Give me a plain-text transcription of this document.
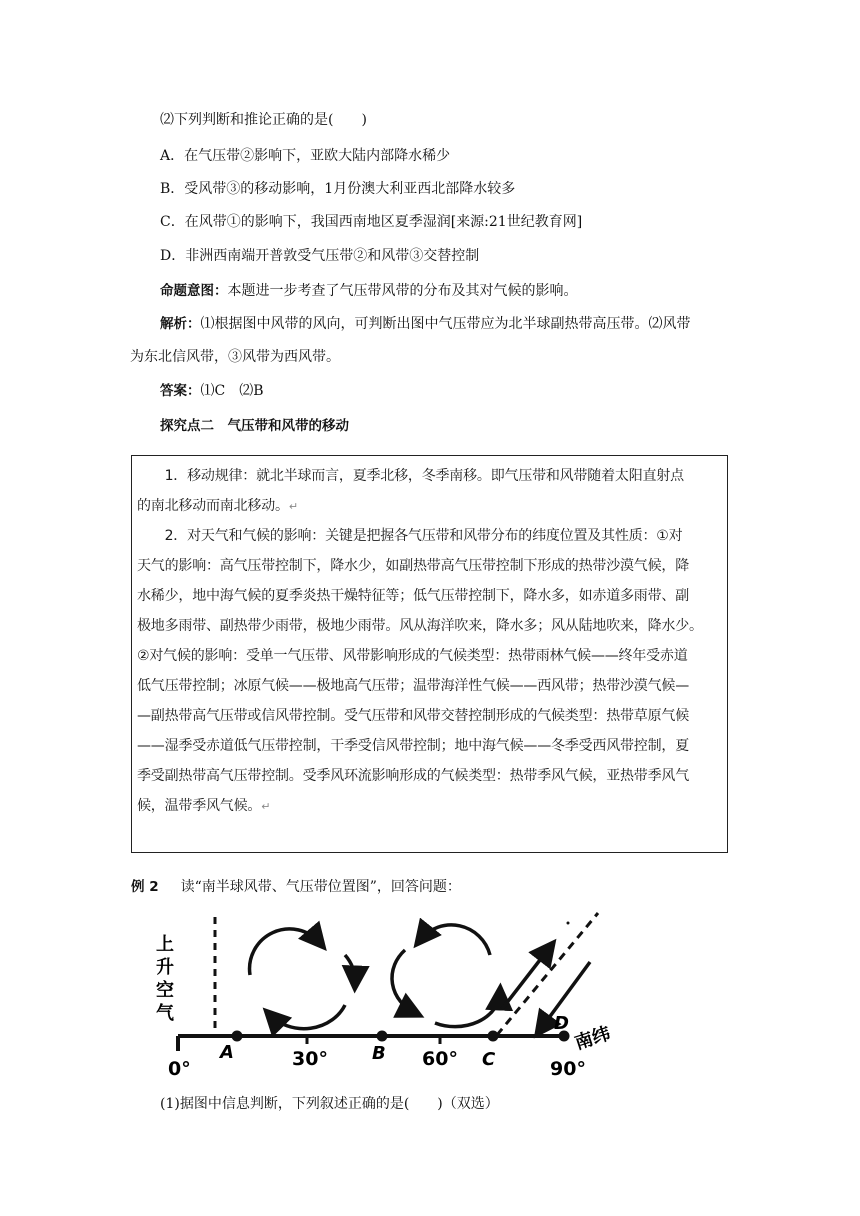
⑵下列判断和推论正确的是(　　)
A．在气压带②影响下，亚欧大陆内部降水稀少
B．受风带③的移动影响，1月份澳大利亚西北部降水较多
C．在风带①的影响下，我国西南地区夏季湿润[来源:21世纪教育网]
D．非洲西南端开普敦受气压带②和风带③交替控制
命题意图：本题进一步考查了气压带风带的分布及其对气候的影响。
解析：⑴根据图中风带的风向，可判断出图中气压带应为北半球副热带高压带。⑵风带
为东北信风带，③风带为西风带。
答案：⑴C　⑵B
探究点二　气压带和风带的移动
　　1．移动规律：就北半球而言，夏季北移，冬季南移。即气压带和风带随着太阳直射点
的南北移动而南北移动。↵
　　2．对天气和气候的影响：关键是把握各气压带和风带分布的纬度位置及其性质：①对
天气的影响：高气压带控制下，降水少，如副热带高气压带控制下形成的热带沙漠气候，降
水稀少，地中海气候的夏季炎热干燥特征等；低气压带控制下，降水多，如赤道多雨带、副
极地多雨带、副热带少雨带，极地少雨带。风从海洋吹来，降水多；风从陆地吹来，降水少。
②对气候的影响：受单一气压带、风带影响形成的气候类型：热带雨林气候——终年受赤道
低气压带控制；冰原气候——极地高气压带；温带海洋性气候——西风带；热带沙漠气候—
—副热带高气压带或信风带控制。受气压带和风带交替控制形成的气候类型：热带草原气候
——湿季受赤道低气压带控制，干季受信风带控制；地中海气候——冬季受西风带控制，夏
季受副热带高气压带控制。受季风环流影响形成的气候类型：热带季风气候，亚热带季风气
候，温带季风气候。↵
例 2 读“南半球风带、气压带位置图”，回答问题：
上
升
空
气
0°
A	30° B 60° C
D
90°
南纬
(1)据图中信息判断，下列叙述正确的是(　　)（双选）
